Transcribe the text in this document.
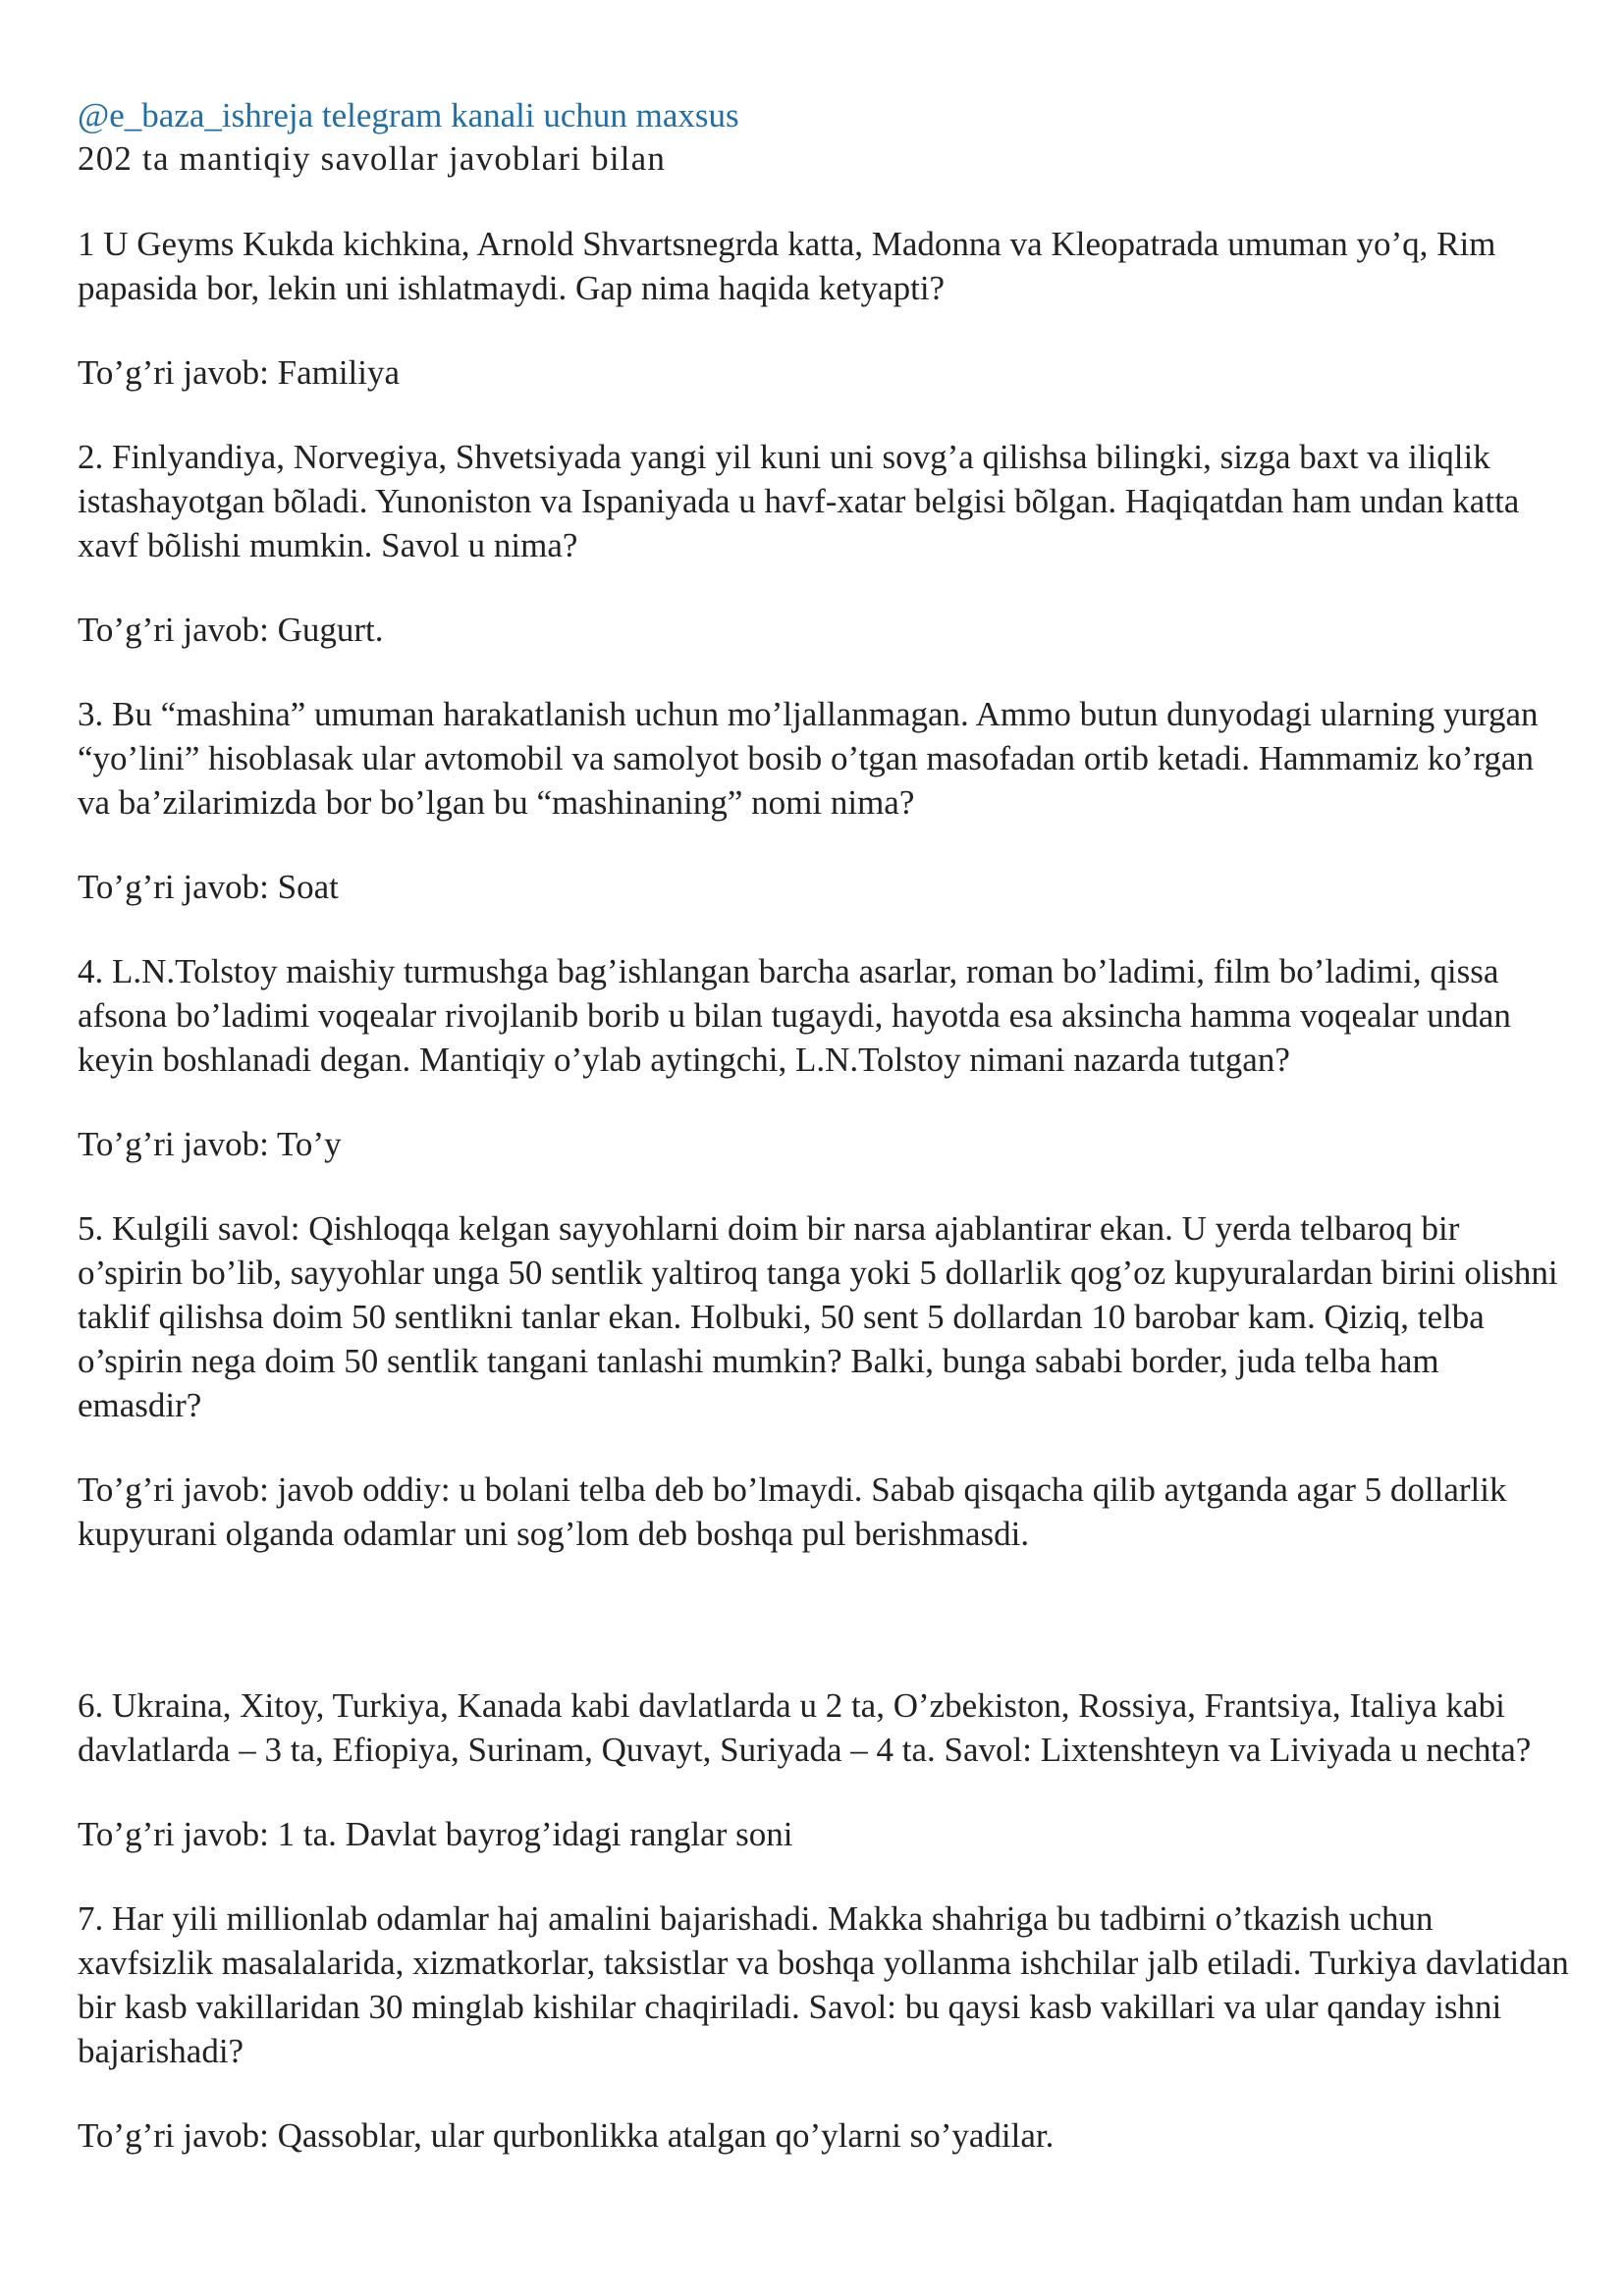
@e_baza_ishreja telegram kanali uchun maxsus
202 ta mantiqiy savollar javoblari bilan

1 U Geyms Kukda kichkina, Arnold Shvartsnegrda katta, Madonna va Kleopatrada umuman yo’q, Rim papasida bor, lekin uni ishlatmaydi. Gap nima haqida ketyapti?

To’g’ri javob: Familiya

2. Finlyandiya, Norvegiya, Shvetsiyada yangi yil kuni uni sovg’a qilishsa bilingki, sizga baxt va iliqlik istashayotgan bõladi. Yunoniston va Ispaniyada u havf-xatar belgisi bõlgan. Haqiqatdan ham undan katta xavf bõlishi mumkin. Savol u nima?

To’g’ri javob: Gugurt.

3. Bu “mashina” umuman harakatlanish uchun mo’ljallanmagan. Ammo butun dunyodagi ularning yurgan “yo’lini” hisoblasak ular avtomobil va samolyot bosib o’tgan masofadan ortib ketadi. Hammamiz ko’rgan va ba’zilarimizda bor bo’lgan bu “mashinaning” nomi nima?

To’g’ri javob: Soat

4. L.N.Tolstoy maishiy turmushga bag’ishlangan barcha asarlar, roman bo’ladimi, film bo’ladimi, qissa afsona bo’ladimi voqealar rivojlanib borib u bilan tugaydi, hayotda esa aksincha hamma voqealar undan keyin boshlanadi degan. Mantiqiy o’ylab aytingchi, L.N.Tolstoy nimani nazarda tutgan?

To’g’ri javob: To’y

5. Kulgili savol: Qishloqqa kelgan sayyohlarni doim bir narsa ajablantirar ekan. U yerda telbaroq bir o’spirin bo’lib, sayyohlar unga 50 sentlik yaltiroq tanga yoki 5 dollarlik qog’oz kupyuralardan birini olishni taklif qilishsa doim 50 sentlikni tanlar ekan. Holbuki, 50 sent 5 dollardan 10 barobar kam. Qiziq, telba o’spirin nega doim 50 sentlik tangani tanlashi mumkin? Balki, bunga sababi border, juda telba ham emasdir?

To’g’ri javob: javob oddiy: u bolani telba deb bo’lmaydi. Sabab qisqacha qilib aytganda agar 5 dollarlik kupyurani olganda odamlar uni sog’lom deb boshqa pul berishmasdi.

6. Ukraina, Xitoy, Turkiya, Kanada kabi davlatlarda u 2 ta, O’zbekiston, Rossiya, Frantsiya, Italiya kabi davlatlarda – 3 ta, Efiopiya, Surinam, Quvayt, Suriyada – 4 ta. Savol: Lixtenshteyn va Liviyada u nechta?

To’g’ri javob: 1 ta. Davlat bayrog’idagi ranglar soni

7. Har yili millionlab odamlar haj amalini bajarishadi. Makka shahriga bu tadbirni o’tkazish uchun xavfsizlik masalalarida, xizmatkorlar, taksistlar va boshqa yollanma ishchilar jalb etiladi. Turkiya davlatidan bir kasb vakillaridan 30 minglab kishilar chaqiriladi. Savol: bu qaysi kasb vakillari va ular qanday ishni bajarishadi?

To’g’ri javob: Qassoblar, ular qurbonlikka atalgan qo’ylarni so’yadilar.
